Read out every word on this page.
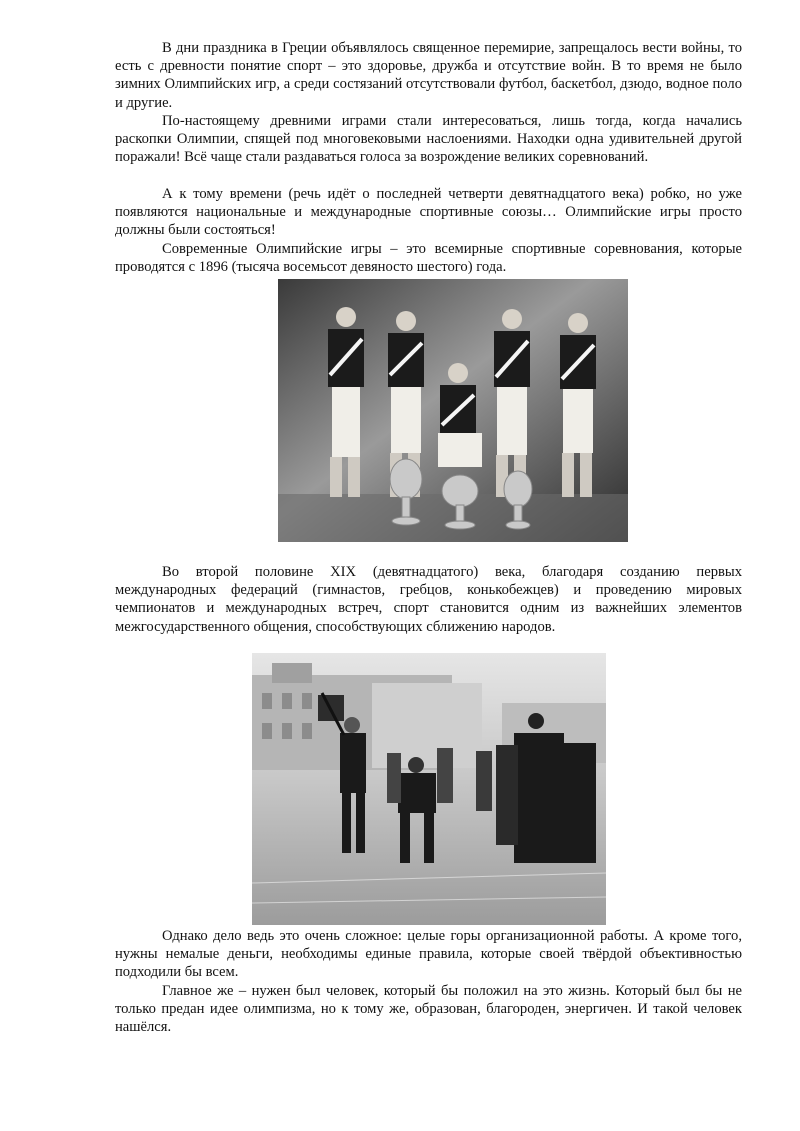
В дни праздника в Греции объявлялось священное перемирие, запрещалось вести войны, то есть с древности понятие спорт – это здоровье, дружба и отсутствие войн. В то время не было зимних Олимпийских игр, а среди состязаний отсутствовали футбол, баскетбол, дзюдо, водное поло и другие.

По-настоящему древними играми стали интересоваться, лишь тогда, когда начались раскопки Олимпии, спящей под многовековыми наслоениями. Находки одна удивительней другой поражали! Всё чаще стали раздаваться голоса за возрождение великих соревнований.

А к тому времени (речь идёт о последней четверти девятнадцатого века) робко, но уже появляются национальные и международные спортивные союзы… Олимпийские игры просто должны были состояться!

Современные Олимпийские игры – это всемирные спортивные соревнования, которые проводятся с 1896 (тысяча восемьсот девяносто шестого) года.

Во второй половине XIX (девятнадцатого) века, благодаря созданию первых международных федераций (гимнастов, гребцов, конькобежцев) и проведению мировых чемпионатов и международных встреч, спорт становится одним из важнейших элементов межгосударственного общения, способствующих сближению народов.

Однако дело ведь это очень сложное: целые горы организационной работы. А кроме того, нужны немалые деньги, необходимы единые правила, которые своей твёрдой объективностью подходили бы всем.

Главное же – нужен был человек, который бы положил на это жизнь. Который был бы не только предан идее олимпизма, но к тому же, образован, благороден, энергичен. И такой человек нашёлся.
